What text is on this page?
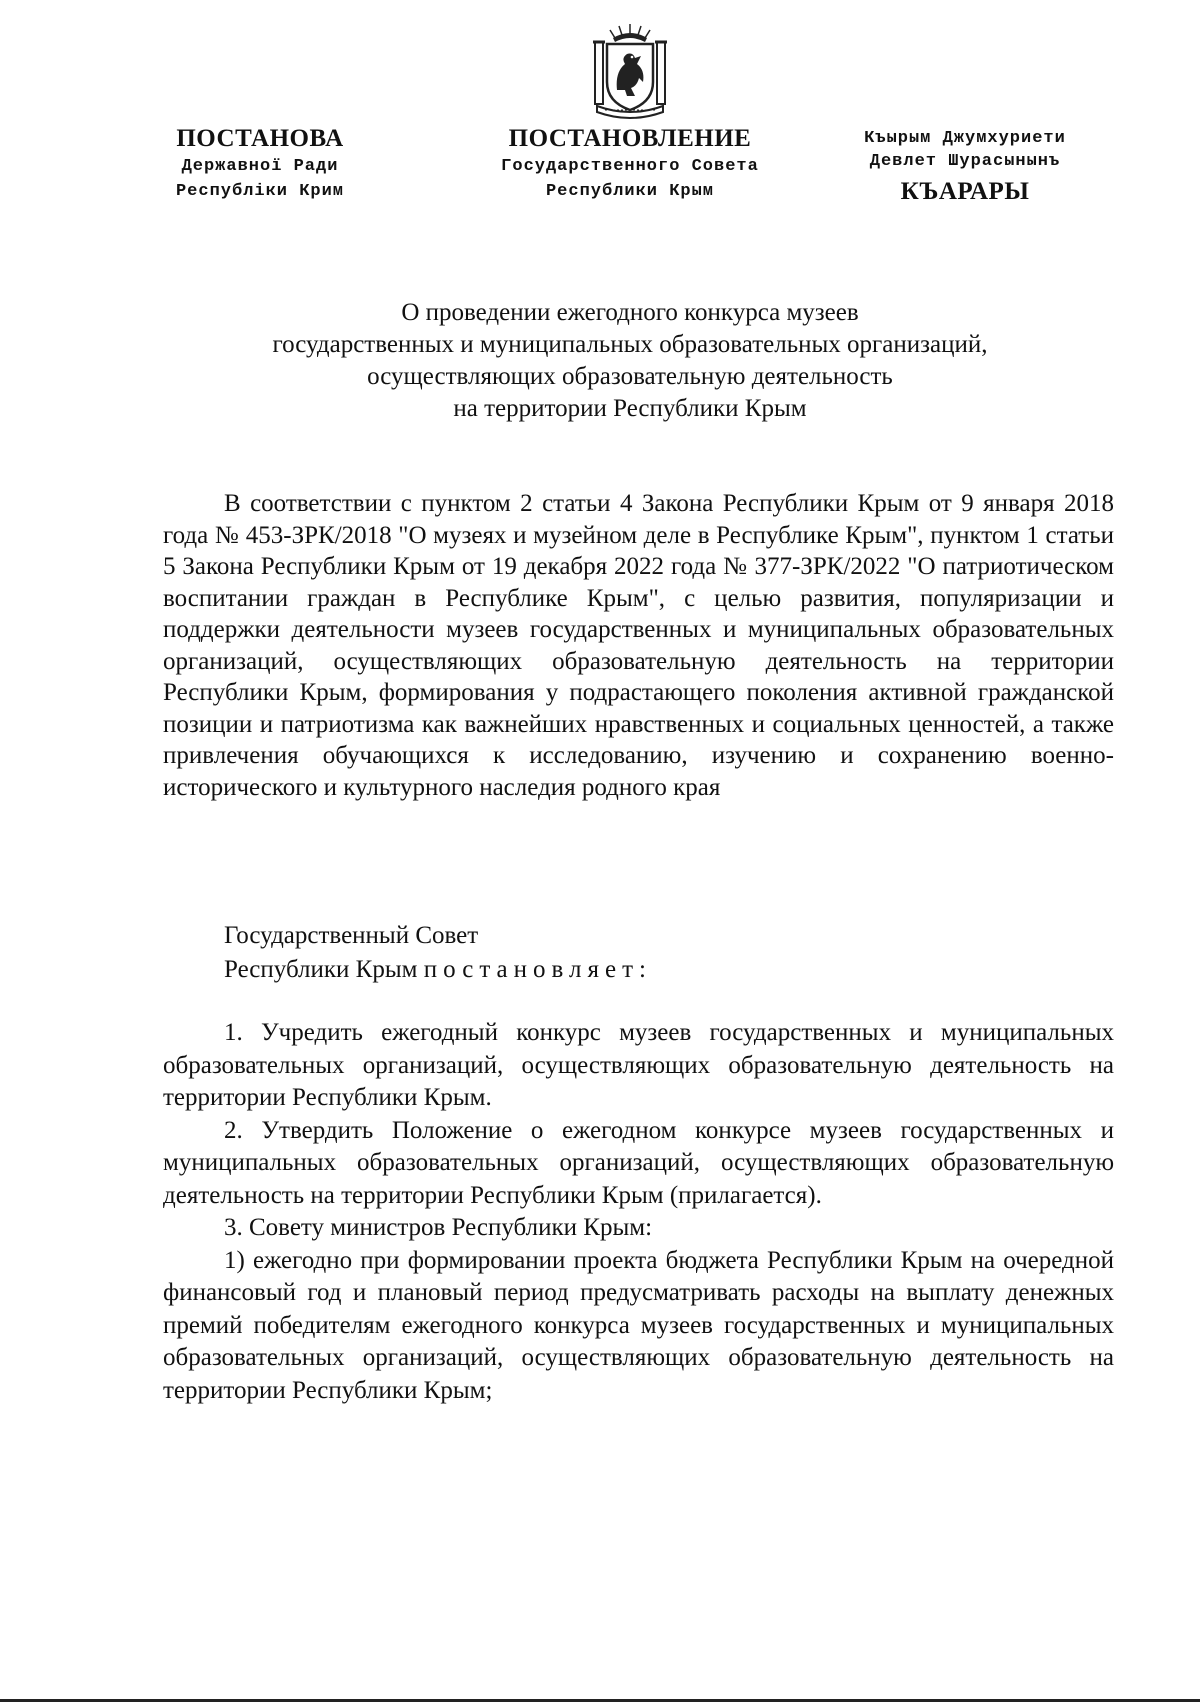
ПОСТАНОВА
Державної Ради
Республіки Крим
ПОСТАНОВЛЕНИЕ
Государственного Совета
Республики Крым
Къырым Джумхуриети
Девлет Шурасынынъ
КЪАРАРЫ
О проведении ежегодного конкурса музеев
государственных и муниципальных образовательных организаций,
осуществляющих образовательную деятельность
на территории Республики Крым

В соответствии с пунктом 2 статьи 4 Закона Республики Крым от 9 января 2018 года № 453-ЗРК/2018 "О музеях и музейном деле в Республике Крым", пунктом 1 статьи 5 Закона Республики Крым от 19 декабря 2022 года № 377-ЗРК/2022 "О патриотическом воспитании граждан в Республике Крым", с целью развития, популяризации и поддержки деятельности музеев государственных и муниципальных образовательных организаций, осуществляющих образовательную деятельность на территории Республики Крым, формирования у подрастающего поколения активной гражданской позиции и патриотизма как важнейших нравственных и социальных ценностей, а также привлечения обучающихся к исследованию, изучению и сохранению военно-исторического и культурного наследия родного края

Государственный Совет
Республики Крым постановляет:

1. Учредить ежегодный конкурс музеев государственных и муниципальных образовательных организаций, осуществляющих образовательную деятельность на территории Республики Крым.

2. Утвердить Положение о ежегодном конкурсе музеев государственных и муниципальных образовательных организаций, осуществляющих образовательную деятельность на территории Республики Крым (прилагается).

3. Совету министров Республики Крым:

1) ежегодно при формировании проекта бюджета Республики Крым на очередной финансовый год и плановый период предусматривать расходы на выплату денежных премий победителям ежегодного конкурса музеев государственных и муниципальных образовательных организаций, осуществляющих образовательную деятельность на территории Республики Крым;
